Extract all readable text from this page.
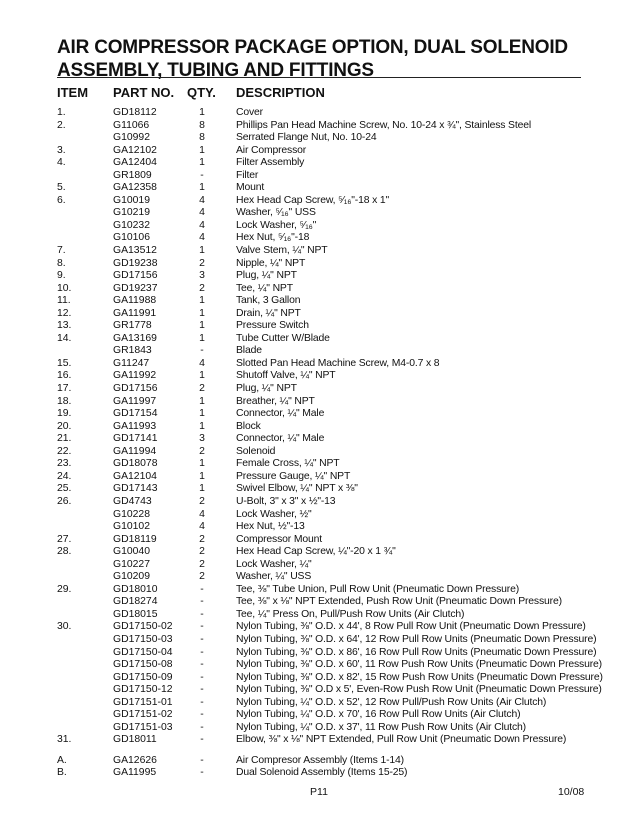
AIR COMPRESSOR PACKAGE OPTION, DUAL SOLENOID ASSEMBLY, TUBING AND FITTINGS
ITEM PART NO. QTY. DESCRIPTION
1.	GD18112	1	Cover
2.	G11066	8	Phillips Pan Head Machine Screw, No. 10-24 x ¾", Stainless Steel
G10992	8	Serrated Flange Nut, No. 10-24
3.	GA12102	1	Air Compressor
4.	GA12404	1	Filter Assembly
GR1809	-	Filter
5.	GA12358	1	Mount
6.	G10019	4	Hex Head Cap Screw, ⁵⁄₁₆"-18 x 1"
G10219	4	Washer, ⁵⁄₁₆" USS
G10232	4	Lock Washer, ⁵⁄₁₆"
G10106	4	Hex Nut, ⁵⁄₁₆"-18
7.	GA13512	1	Valve Stem, ¼" NPT
8.	GD19238	2	Nipple, ¼" NPT
9.	GD17156	3	Plug, ¼" NPT
10.	GD19237	2	Tee, ¼" NPT
11.	GA11988	1	Tank, 3 Gallon
12.	GA11991	1	Drain, ¼" NPT
13.	GR1778	1	Pressure Switch
14.	GA13169	1	Tube Cutter W/Blade
GR1843	-	Blade
15.	G11247	4	Slotted Pan Head Machine Screw, M4-0.7 x 8
16.	GA11992	1	Shutoff Valve, ¼" NPT
17.	GD17156	2	Plug, ¼" NPT
18.	GA11997	1	Breather, ¼" NPT
19.	GD17154	1	Connector, ¼" Male
20.	GA11993	1	Block
21.	GD17141	3	Connector, ¼" Male
22.	GA11994	2	Solenoid
23.	GD18078	1	Female Cross, ¼" NPT
24.	GA12104	1	Pressure Gauge, ¼" NPT
25.	GD17143	1	Swivel Elbow, ¼" NPT x ⅜"
26.	GD4743	2	U-Bolt, 3" x 3" x ½"-13
G10228	4	Lock Washer, ½"
G10102	4	Hex Nut, ½"-13
27.	GD18119	2	Compressor Mount
28.	G10040	2	Hex Head Cap Screw, ¼"-20 x 1 ¾"
G10227	2	Lock Washer, ¼"
G10209	2	Washer, ¼" USS
29.	GD18010	-	Tee, ⅜" Tube Union, Pull Row Unit (Pneumatic Down Pressure)
GD18274	-	Tee, ⅜" x ⅛" NPT Extended, Push Row Unit (Pneumatic Down Pressure)
GD18015	-	Tee, ¼" Press On, Pull/Push Row Units (Air Clutch)
30.	GD17150-02	-	Nylon Tubing, ⅜" O.D. x 44', 8 Row Pull Row Unit (Pneumatic Down Pressure)
GD17150-03	-	Nylon Tubing, ⅜" O.D. x 64', 12 Row Pull Row Units (Pneumatic Down Pressure)
GD17150-04	-	Nylon Tubing, ⅜" O.D. x 86', 16 Row Pull Row Units (Pneumatic Down Pressure)
GD17150-08	-	Nylon Tubing, ⅜" O.D. x 60', 11 Row Push Row Units (Pneumatic Down Pressure)
GD17150-09	-	Nylon Tubing, ⅜" O.D. x 82', 15 Row Push Row Units (Pneumatic Down Pressure)
GD17150-12	-	Nylon Tubing, ⅜" O.D x 5', Even-Row Push Row Unit (Pneumatic Down Pressure)
GD17151-01	-	Nylon Tubing, ¼" O.D. x 52', 12 Row Pull/Push Row Units (Air Clutch)
GD17151-02	-	Nylon Tubing, ¼" O.D. x 70', 16 Row Pull Row Units (Air Clutch)
GD17151-03	-	Nylon Tubing, ¼" O.D. x 37', 11 Row Push Row Units (Air Clutch)
31.	GD18011	-	Elbow, ⅜" x ⅛" NPT Extended, Pull Row Unit (Pneumatic Down Pressure)
A.	GA12626	-	Air Compresor Assembly (Items 1-14)
B.	GA11995	-	Dual Solenoid Assembly (Items 15-25)
P11	10/08
